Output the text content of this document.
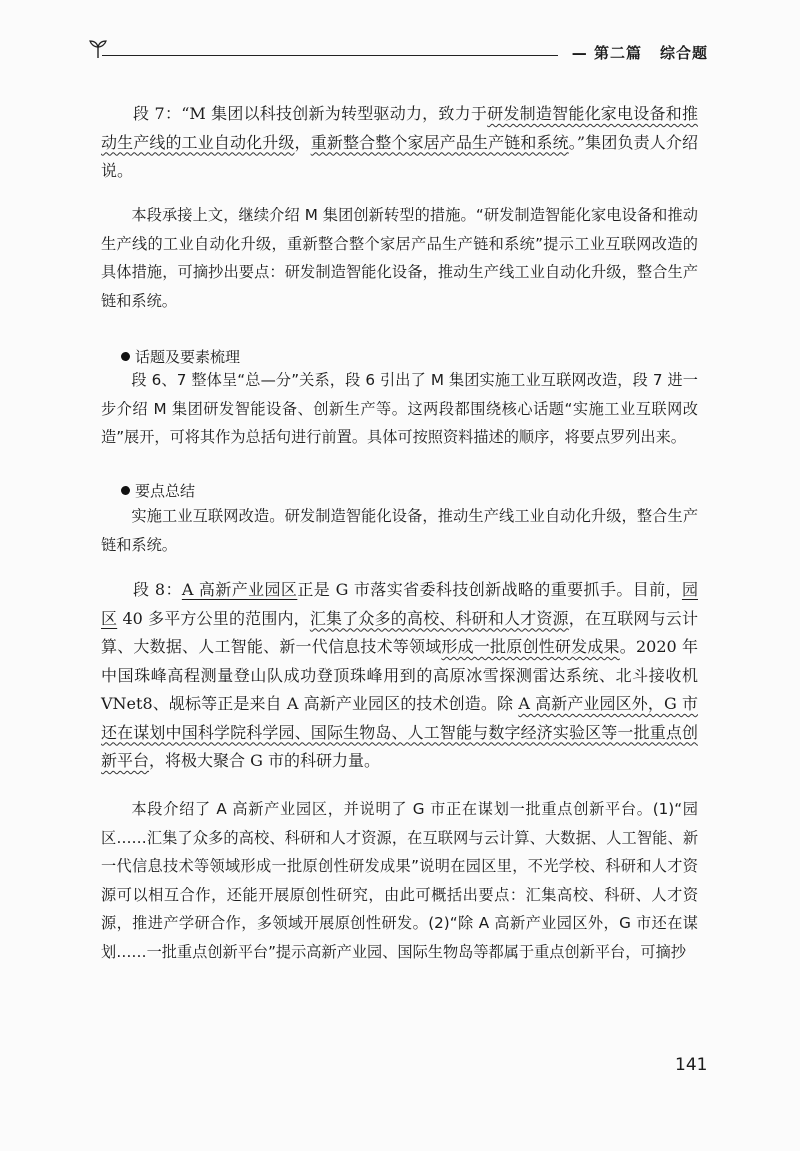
— 第二篇 综合题

段 7：“M 集团以科技创新为转型驱动力，致力于研发制造智能化家电设备和推动生产线的工业自动化升级，重新整合整个家居产品生产链和系统。”集团负责人介绍说。

本段承接上文，继续介绍 M 集团创新转型的措施。“研发制造智能化家电设备和推动生产线的工业自动化升级，重新整合整个家居产品生产链和系统”提示工业互联网改造的具体措施，可摘抄出要点：研发制造智能化设备，推动生产线工业自动化升级，整合生产链和系统。

话题及要素梳理

段 6、7 整体呈“总—分”关系，段 6 引出了 M 集团实施工业互联网改造，段 7 进一步介绍 M 集团研发智能设备、创新生产等。这两段都围绕核心话题“实施工业互联网改造”展开，可将其作为总括句进行前置。具体可按照资料描述的顺序，将要点罗列出来。

要点总结

实施工业互联网改造。研发制造智能化设备，推动生产线工业自动化升级，整合生产链和系统。

段 8：A 高新产业园区正是 G 市落实省委科技创新战略的重要抓手。目前，园区 40 多平方公里的范围内，汇集了众多的高校、科研和人才资源，在互联网与云计算、大数据、人工智能、新一代信息技术等领域形成一批原创性研发成果。2020 年中国珠峰高程测量登山队成功登顶珠峰用到的高原冰雪探测雷达系统、北斗接收机 VNet8、觇标等正是来自 A 高新产业园区的技术创造。除 A 高新产业园区外，G 市还在谋划中国科学院科学园、国际生物岛、人工智能与数字经济实验区等一批重点创新平台，将极大聚合 G 市的科研力量。

本段介绍了 A 高新产业园区，并说明了 G 市正在谋划一批重点创新平台。(1)“园区……汇集了众多的高校、科研和人才资源，在互联网与云计算、大数据、人工智能、新一代信息技术等领域形成一批原创性研发成果”说明在园区里，不光学校、科研和人才资源可以相互合作，还能开展原创性研究，由此可概括出要点：汇集高校、科研、人才资源，推进产学研合作，多领域开展原创性研发。(2)“除 A 高新产业园区外，G 市还在谋划……一批重点创新平台”提示高新产业园、国际生物岛等都属于重点创新平台，可摘抄

141
